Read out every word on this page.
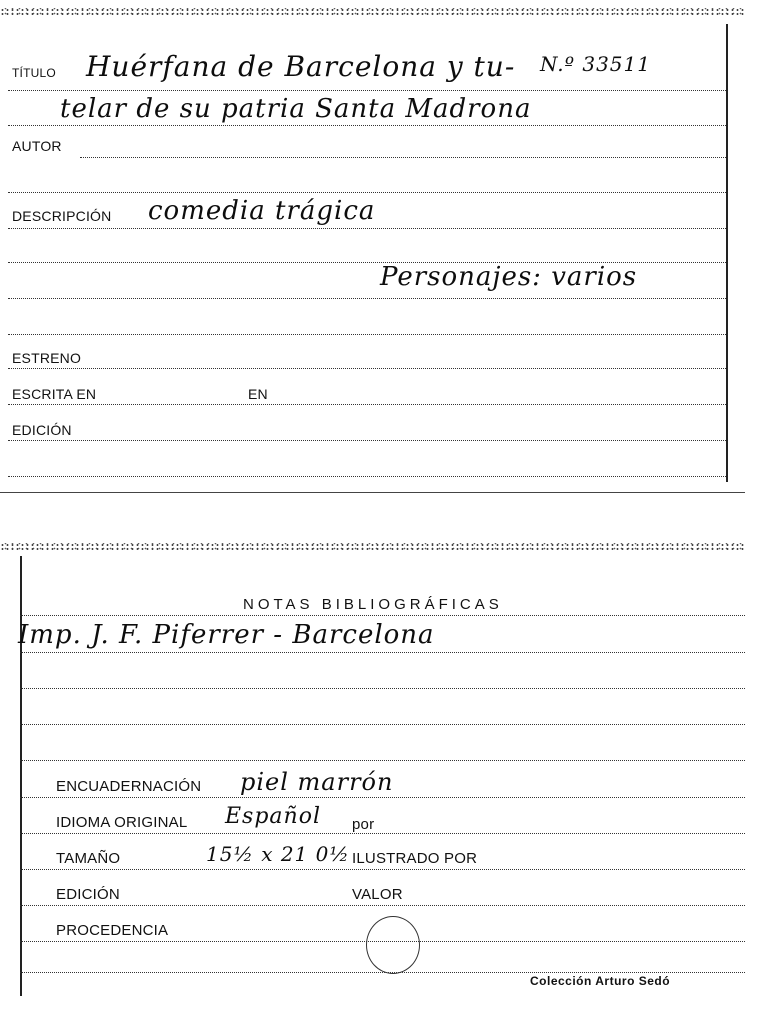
TÍTULO Huérfana de Barcelona y tu- N.º 33511
telar de su patria Santa Madrona
AUTOR
DESCRIPCIÓN comedia trágica
Personajes: varios
ESTRENO
ESCRITA EN	EN
EDICIÓN
NOTAS BIBLIOGRÁFICAS
Imp. J. F. Piferrer - Barcelona
ENCUADERNACIÓN piel marrón
IDIOMA ORIGINAL Español por
TAMAÑO	15½ x 21 0½ ILUSTRADO POR
EDICIÓN	VALOR
PROCEDENCIA
Colección Arturo Sedó
